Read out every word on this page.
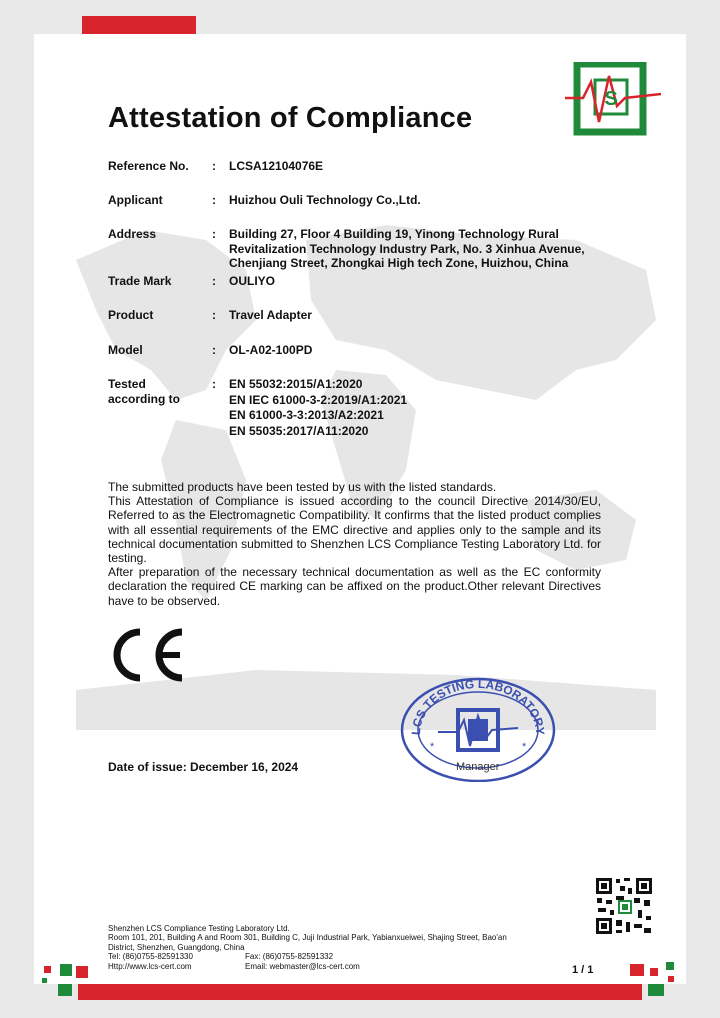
S
Attestation of Compliance
Reference No.	: LCSA12104076E
Applicant	: Huizhou Ouli Technology Co.,Ltd.
Address	: Building 27, Floor 4 Building 19, Yinong Technology Rural
Revitalization Technology Industry Park, No. 3 Xinhua Avenue,
Chenjiang Street, Zhongkai High tech Zone, Huizhou, China
Trade Mark	: OULIYO
Product	: Travel Adapter
Model	: OL-A02-100PD
Tested
according to
: EN 55032:2015/A1:2020
EN IEC 61000-3-2:2019/A1:2021
EN 61000-3-3:2013/A2:2021
EN 55035:2017/A11:2020

The submitted products have been tested by us with the listed standards.

This Attestation of Compliance is issued according to the council Directive 2014/30/EU, Referred to as the Electromagnetic Compatibility. It confirms that the listed product complies with all essential requirements of the EMC directive and applies only to the sample and its technical documentation submitted to Shenzhen LCS Compliance Testing Laboratory Ltd. for testing.

After preparation of the necessary technical documentation as well as the EC conformity declaration the required CE marking can be affixed on the product.Other relevant Directives have to be observed.

Date of issue: December 16, 2024
LCS TESTING LABORATORY
*	*
Manager
Shenzhen LCS Compliance Testing Laboratory Ltd.
Room 101, 201, Building A and Room 301, Building C, Juji Industrial Park, Yabianxueiwei, Shajing Street, Bao'an
District, Shenzhen, Guangdong, China
Tel: (86)0755-82591330	Fax: (86)0755-82591332
Http://www.lcs-cert.com	Email: webmaster@lcs-cert.com	1 / 1
